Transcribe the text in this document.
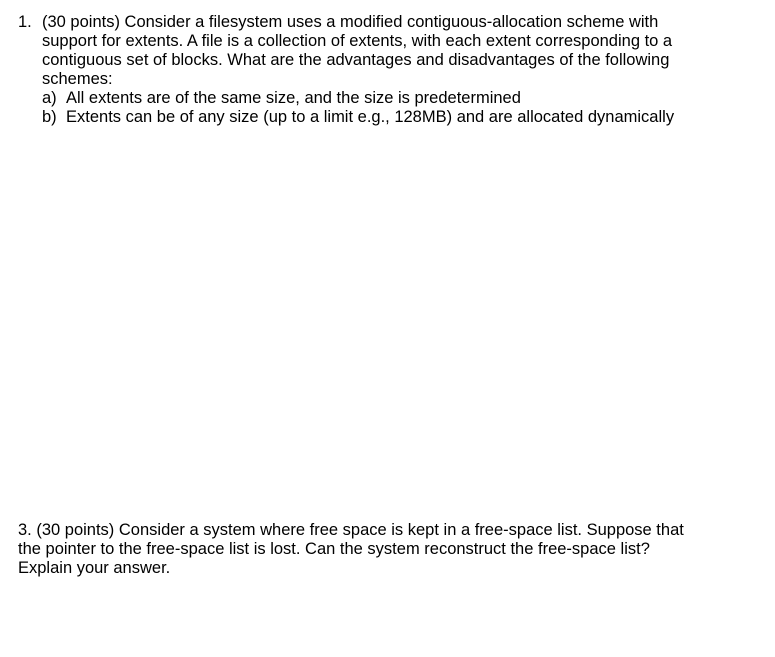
1. (30 points) Consider a filesystem uses a modified contiguous-allocation scheme with
support for extents. A file is a collection of extents, with each extent corresponding to a
contiguous set of blocks. What are the advantages and disadvantages of the following
schemes:
a) All extents are of the same size, and the size is predetermined
b) Extents can be of any size (up to a limit e.g., 128MB) and are allocated dynamically
3. (30 points) Consider a system where free space is kept in a free-space list. Suppose that
the pointer to the free-space list is lost. Can the system reconstruct the free-space list?
Explain your answer.
